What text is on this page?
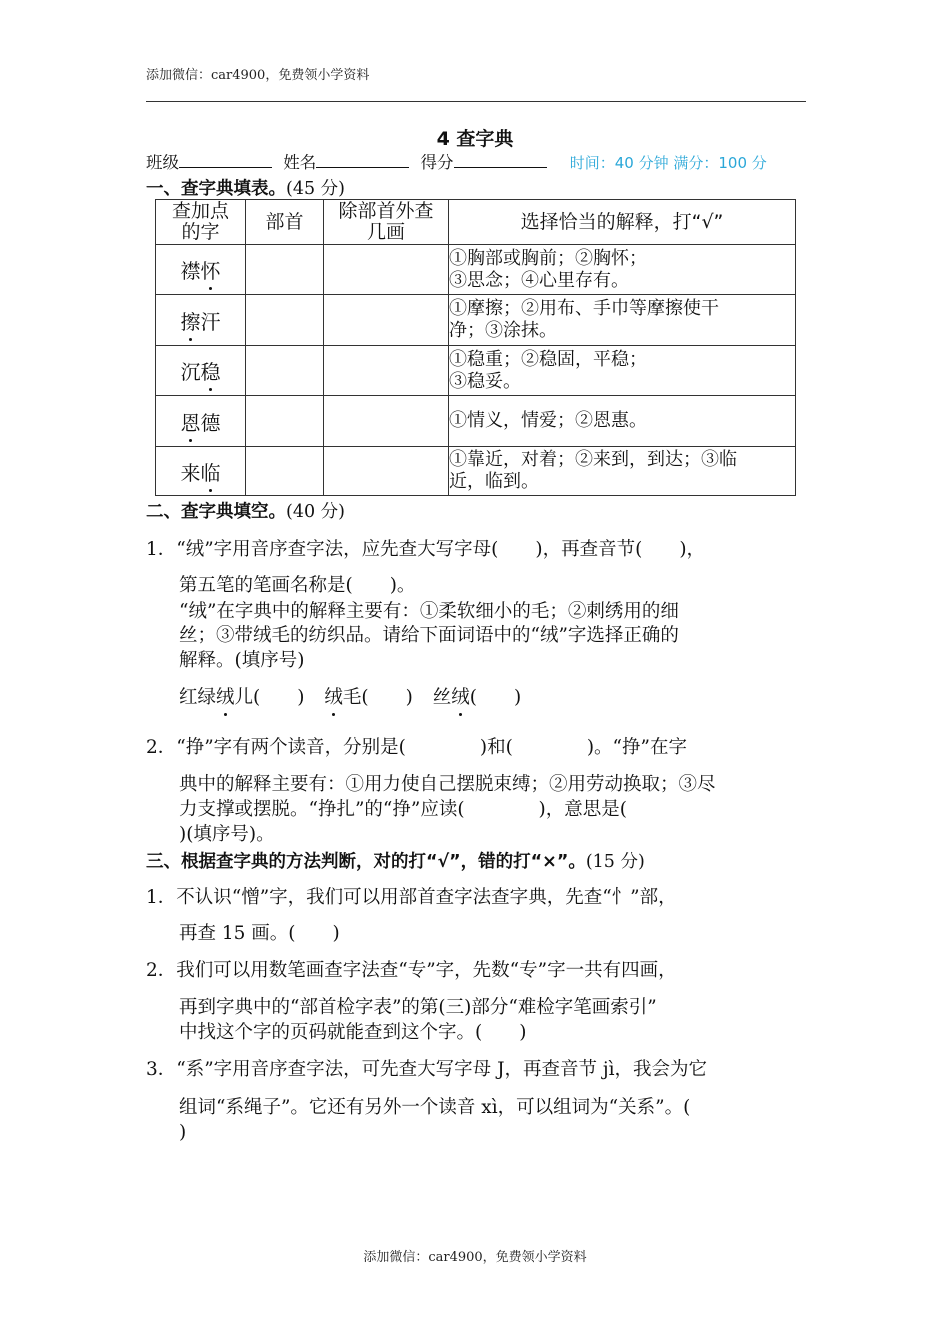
添加微信：car4900，免费领小学资料
4 查字典
班级	姓名	得分	时间：40 分钟 满分：100 分
一、查字典填表。(45 分)
查加点的字	部首	除部首外查几画	选择恰当的解释，打“√”
襟怀			①胸部或胸前；②胸怀；
③思念；④心里存有。

擦汗			①摩擦；②用布、手巾等摩擦使干
净；③涂抹。

沉稳			①稳重；②稳固，平稳；
③稳妥。

恩德			①情义，情爱；②恩惠。

来临			①靠近，对着；②来到，到达；③临
近，临到。
二、查字典填空。(40 分)
1．“绒”字用音序查字法，应先查大写字母(　　)，再查音节(　　)，
第五笔的笔画名称是(　　)。
“绒”在字典中的解释主要有：①柔软细小的毛；②刺绣用的细
丝；③带绒毛的纺织品。请给下面词语中的“绒”字选择正确的
解释。(填序号)
红绿绒儿(　　) 绒毛(　　) 丝绒(　　)
2．“挣”字有两个读音，分别是(　　　　)和(　　　　)。“挣”在字
典中的解释主要有：①用力使自己摆脱束缚；②用劳动换取；③尽
力支撑或摆脱。“挣扎”的“挣”应读(　　　　)，意思是(
)(填序号)。
三、根据查字典的方法判断，对的打“√”，错的打“×”。(15 分)
1．不认识“憎”字，我们可以用部首查字法查字典，先查“忄”部，
再查 15 画。(　　)
2．我们可以用数笔画查字法查“专”字，先数“专”字一共有四画，
再到字典中的“部首检字表”的第(三)部分“难检字笔画索引”
中找这个字的页码就能查到这个字。(　　)
3．“系”字用音序查字法，可先查大写字母 J，再查音节 jì，我会为它
组词“系绳子”。它还有另外一个读音 xì，可以组词为“关系”。(
)
添加微信：car4900，免费领小学资料
